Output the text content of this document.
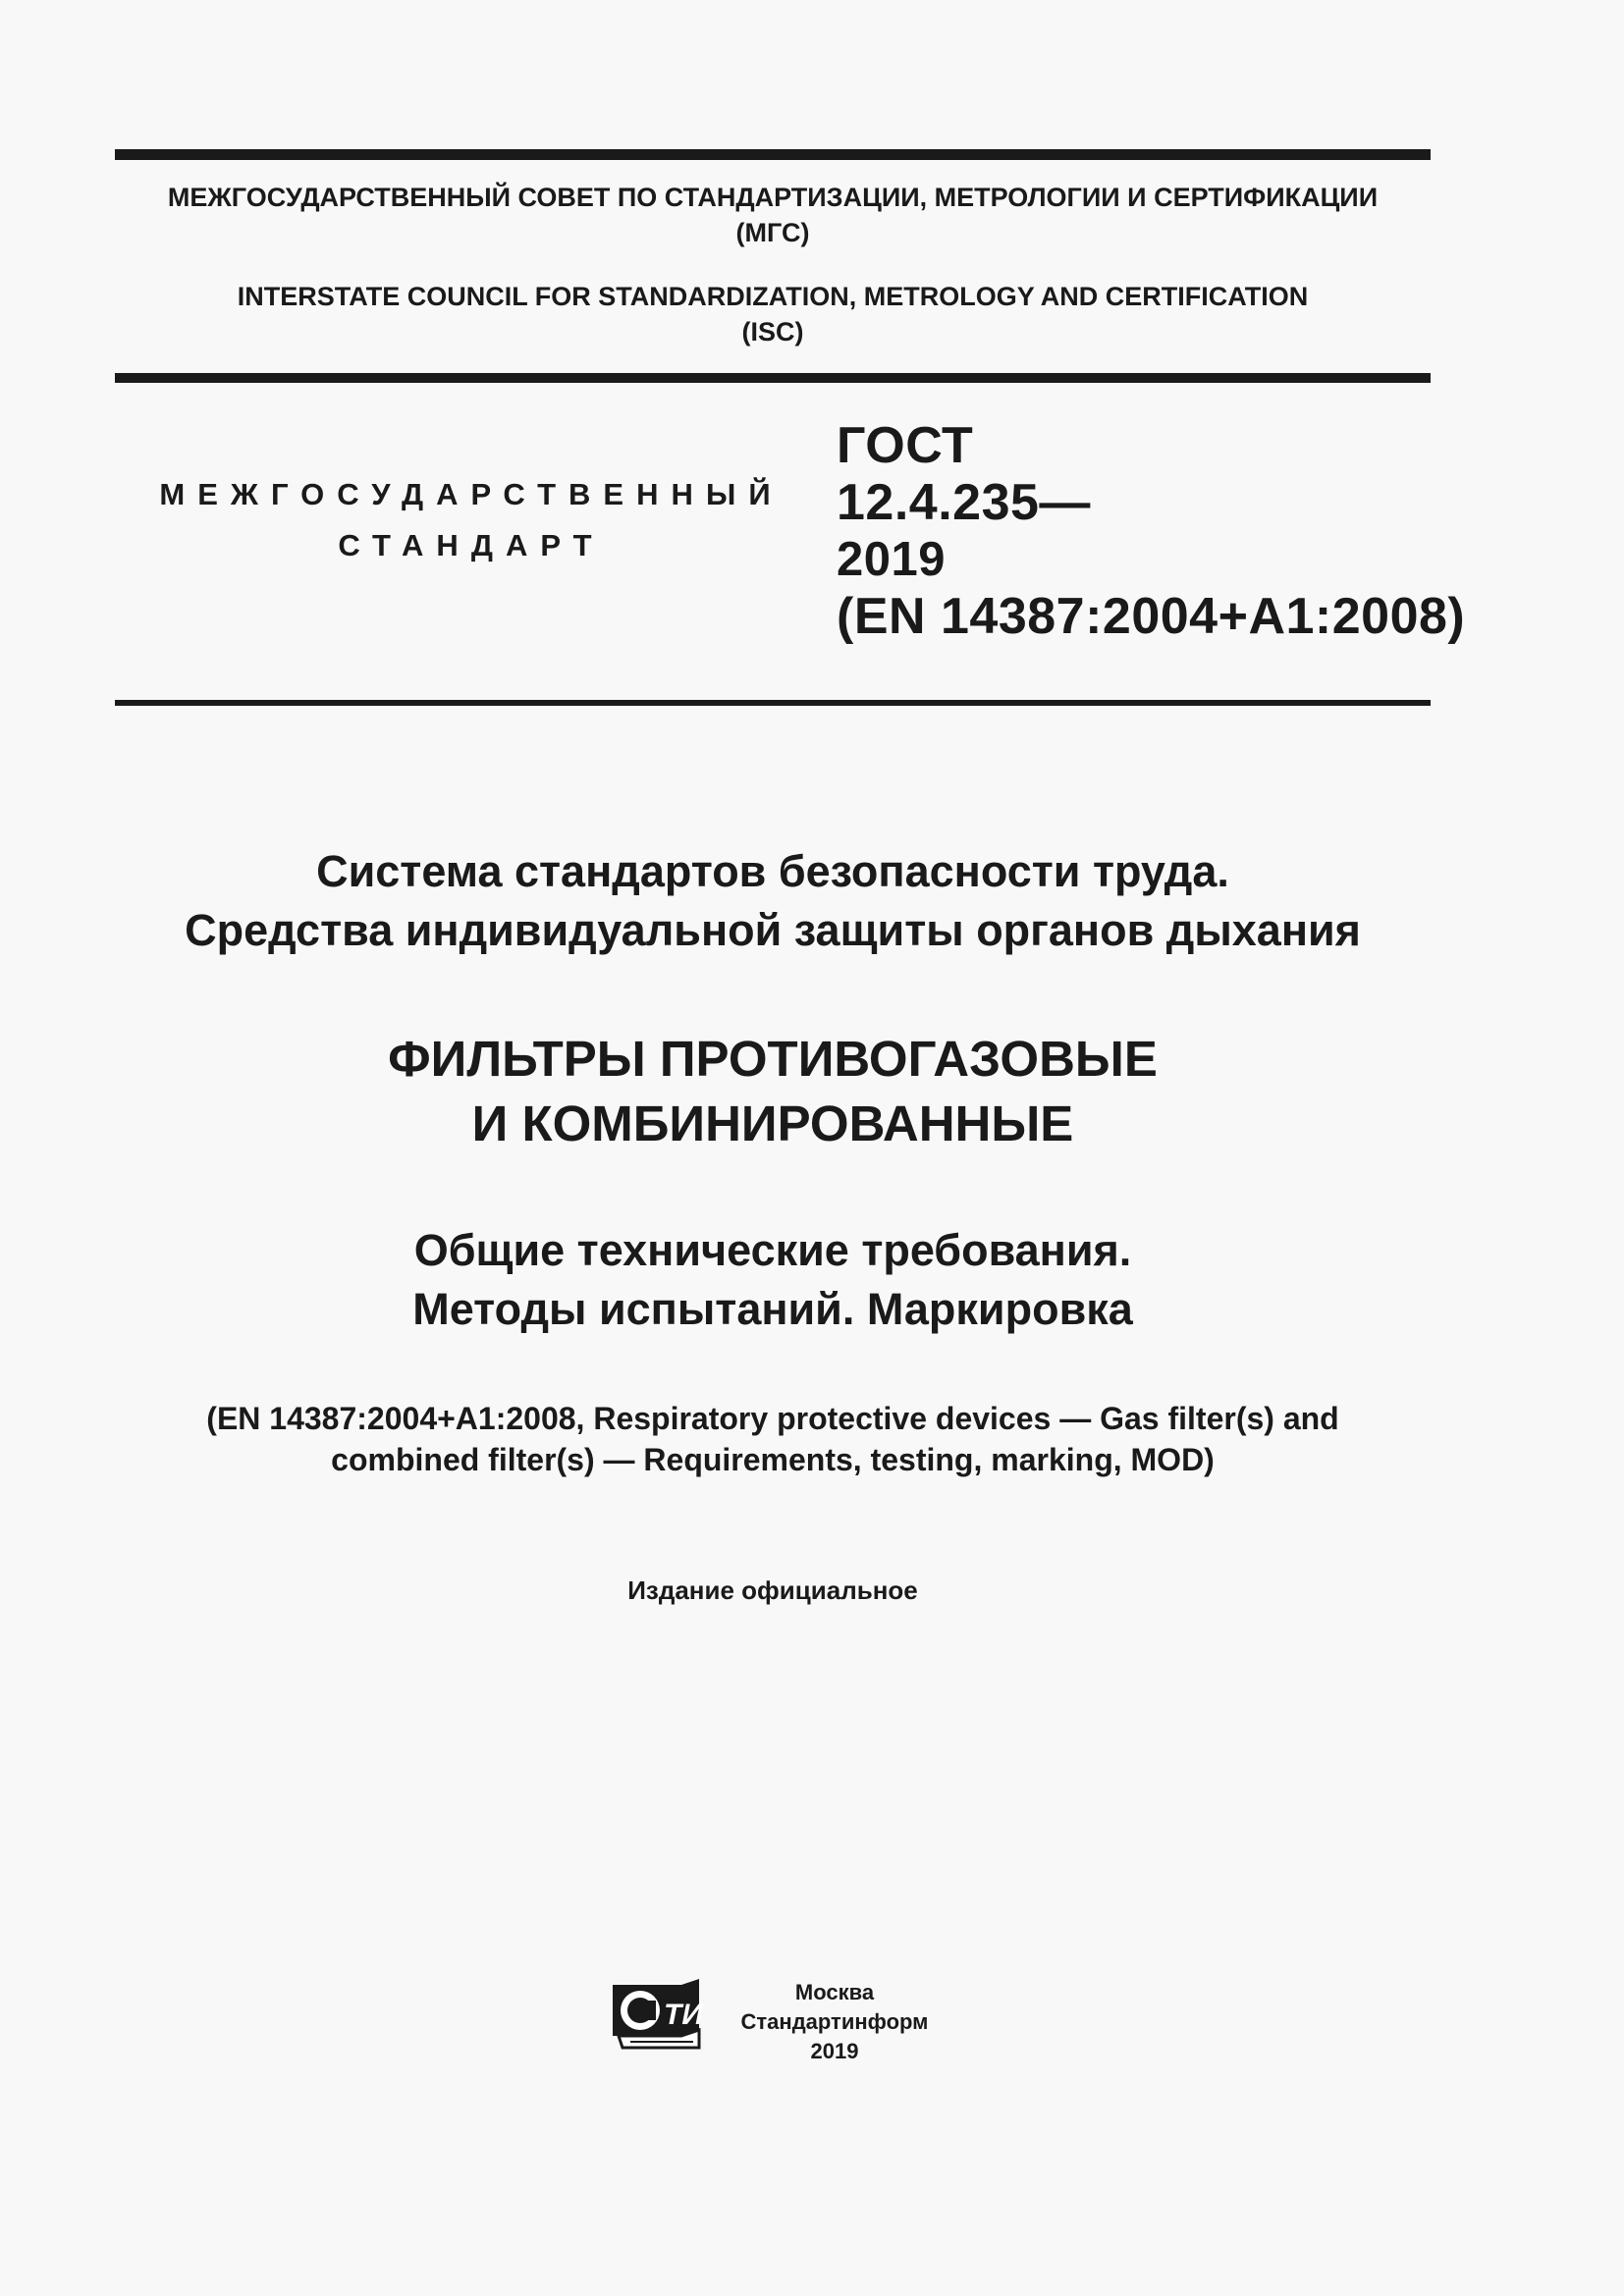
МЕЖГОСУДАРСТВЕННЫЙ СОВЕТ ПО СТАНДАРТИЗАЦИИ, МЕТРОЛОГИИ И СЕРТИФИКАЦИИ
(МГС)
INTERSTATE COUNCIL FOR STANDARDIZATION, METROLOGY AND CERTIFICATION
(ISC)
МЕЖГОСУДАРСТВЕННЫЙ
СТАНДАРТ
ГОСТ
12.4.235—
2019
(EN 14387:2004+A1:2008)
Система стандартов безопасности труда.
Средства индивидуальной защиты органов дыхания
ФИЛЬТРЫ ПРОТИВОГАЗОВЫЕ
И КОМБИНИРОВАННЫЕ
Общие технические требования.
Методы испытаний. Маркировка
(EN 14387:2004+A1:2008, Respiratory protective devices — Gas filter(s) and
combined filter(s) — Requirements, testing, marking, MOD)
Издание официальное
ТИ
Москва
Стандартинформ
2019
